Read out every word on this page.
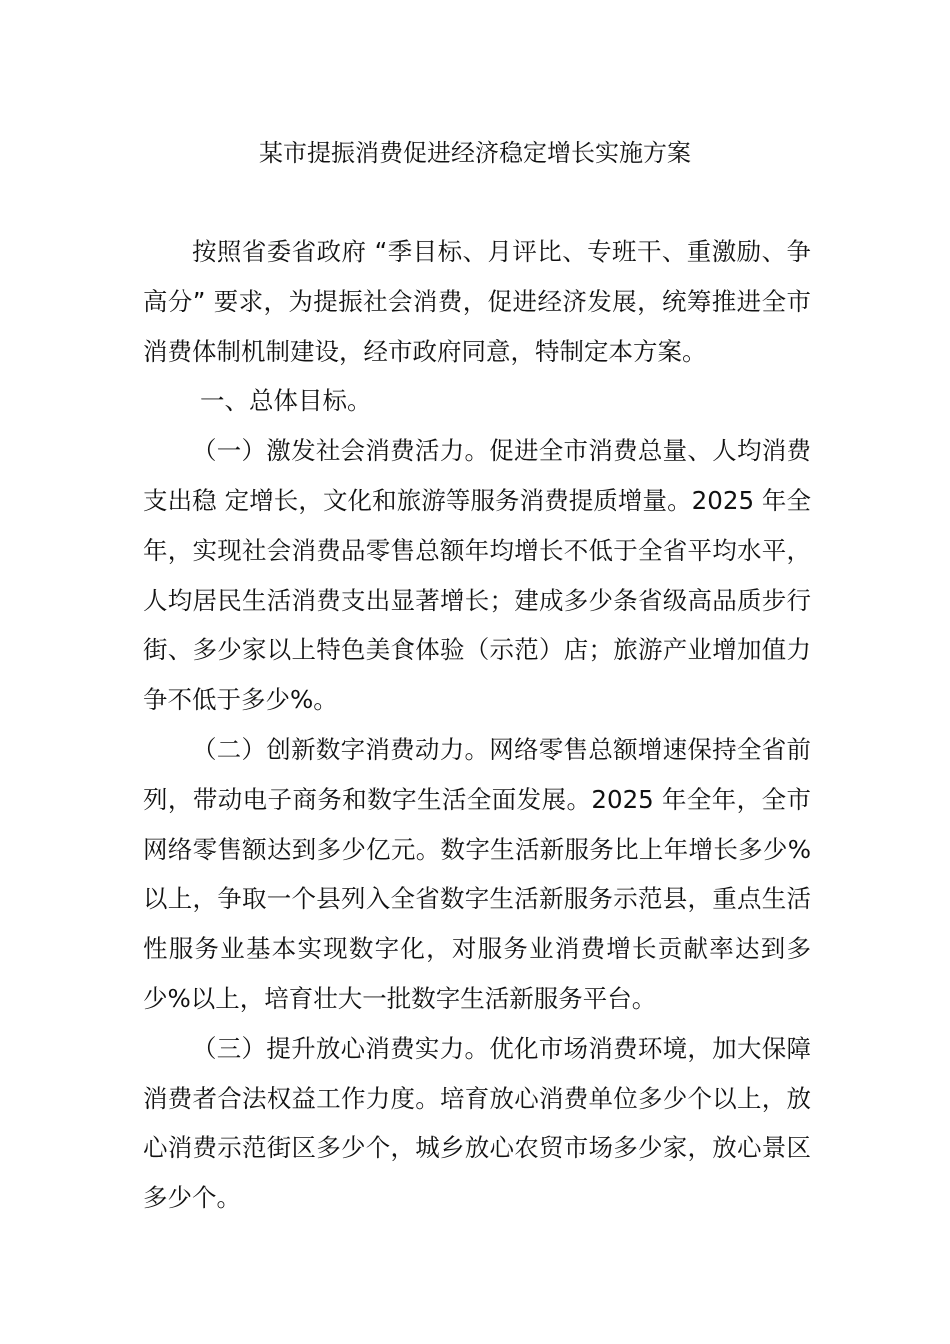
某市提振消费促进经济稳定增长实施方案

按照省委省政府 “季目标、月评比、专班干、重激励、争高分” 要求，为提振社会消费，促进经济发展，统筹推进全市消费体制机制建设，经市政府同意，特制定本方案。

一、总体目标。

（一）激发社会消费活力。促进全市消费总量、人均消费支出稳 定增长，文化和旅游等服务消费提质增量。2025 年全年，实现社会消费品零售总额年均增长不低于全省平均水平，人均居民生活消费支出显著增长；建成多少条省级高品质步行街、多少家以上特色美食体验（示范）店；旅游产业增加值力争不低于多少%。

（二）创新数字消费动力。网络零售总额增速保持全省前列，带动电子商务和数字生活全面发展。2025 年全年，全市网络零售额达到多少亿元。数字生活新服务比上年增长多少%以上，争取一个县列入全省数字生活新服务示范县，重点生活性服务业基本实现数字化，对服务业消费增长贡献率达到多少%以上，培育壮大一批数字生活新服务平台。

（三）提升放心消费实力。优化市场消费环境，加大保障消费者合法权益工作力度。培育放心消费单位多少个以上，放心消费示范街区多少个，城乡放心农贸市场多少家，放心景区多少个。
